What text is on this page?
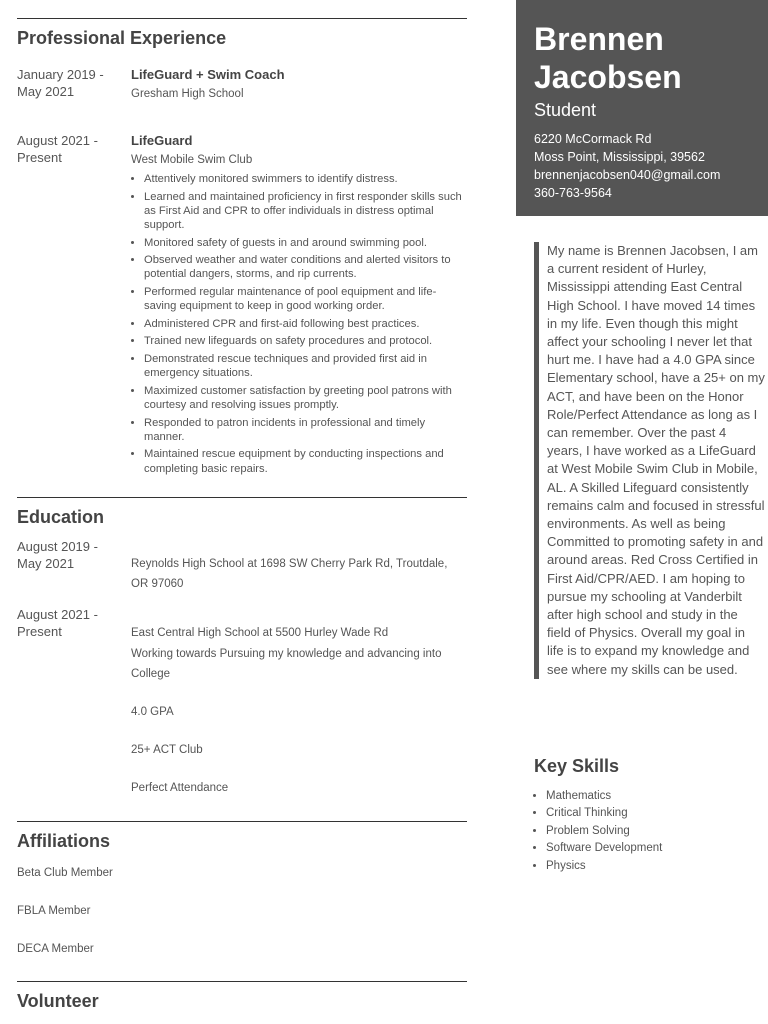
Professional Experience
January 2019 - May 2021
LifeGuard + Swim Coach
Gresham High School
August 2021 - Present
LifeGuard
West Mobile Swim Club
• Attentively monitored swimmers to identify distress.
• Learned and maintained proficiency in first responder skills such as First Aid and CPR to offer individuals in distress optimal support.
• Monitored safety of guests in and around swimming pool.
• Observed weather and water conditions and alerted visitors to potential dangers, storms, and rip currents.
• Performed regular maintenance of pool equipment and life-saving equipment to keep in good working order.
• Administered CPR and first-aid following best practices.
• Trained new lifeguards on safety procedures and protocol.
• Demonstrated rescue techniques and provided first aid in emergency situations.
• Maximized customer satisfaction by greeting pool patrons with courtesy and resolving issues promptly.
• Responded to patron incidents in professional and timely manner.
• Maintained rescue equipment by conducting inspections and completing basic repairs.
Education
August 2019 - May 2021	Reynolds High School at 1698 SW Cherry Park Rd, Troutdale, OR 97060
August 2021 - Present	East Central High School at 5500 Hurley Wade Rd
Working towards Pursuing my knowledge and advancing into College
4.0 GPA
25+ ACT Club
Perfect Attendance
Affiliations
Beta Club Member
FBLA Member
DECA Member
Volunteer
Brennen Jacobsen
Student
6220 McCormack Rd
Moss Point, Mississippi, 39562
brennenjacobsen040@gmail.com
360-763-9564
My name is Brennen Jacobsen, I am a current resident of Hurley, Mississippi attending East Central High School. I have moved 14 times in my life. Even though this might affect your schooling I never let that hurt me. I have had a 4.0 GPA since Elementary school, have a 25+ on my ACT, and have been on the Honor Role/Perfect Attendance as long as I can remember. Over the past 4 years, I have worked as a LifeGuard at West Mobile Swim Club in Mobile, AL. A Skilled Lifeguard consistently remains calm and focused in stressful environments. As well as being Committed to promoting safety in and around areas. Red Cross Certified in First Aid/CPR/AED. I am hoping to pursue my schooling at Vanderbilt after high school and study in the field of Physics. Overall my goal in life is to expand my knowledge and see where my skills can be used.
Key Skills
• Mathematics
• Critical Thinking
• Problem Solving
• Software Development
• Physics
